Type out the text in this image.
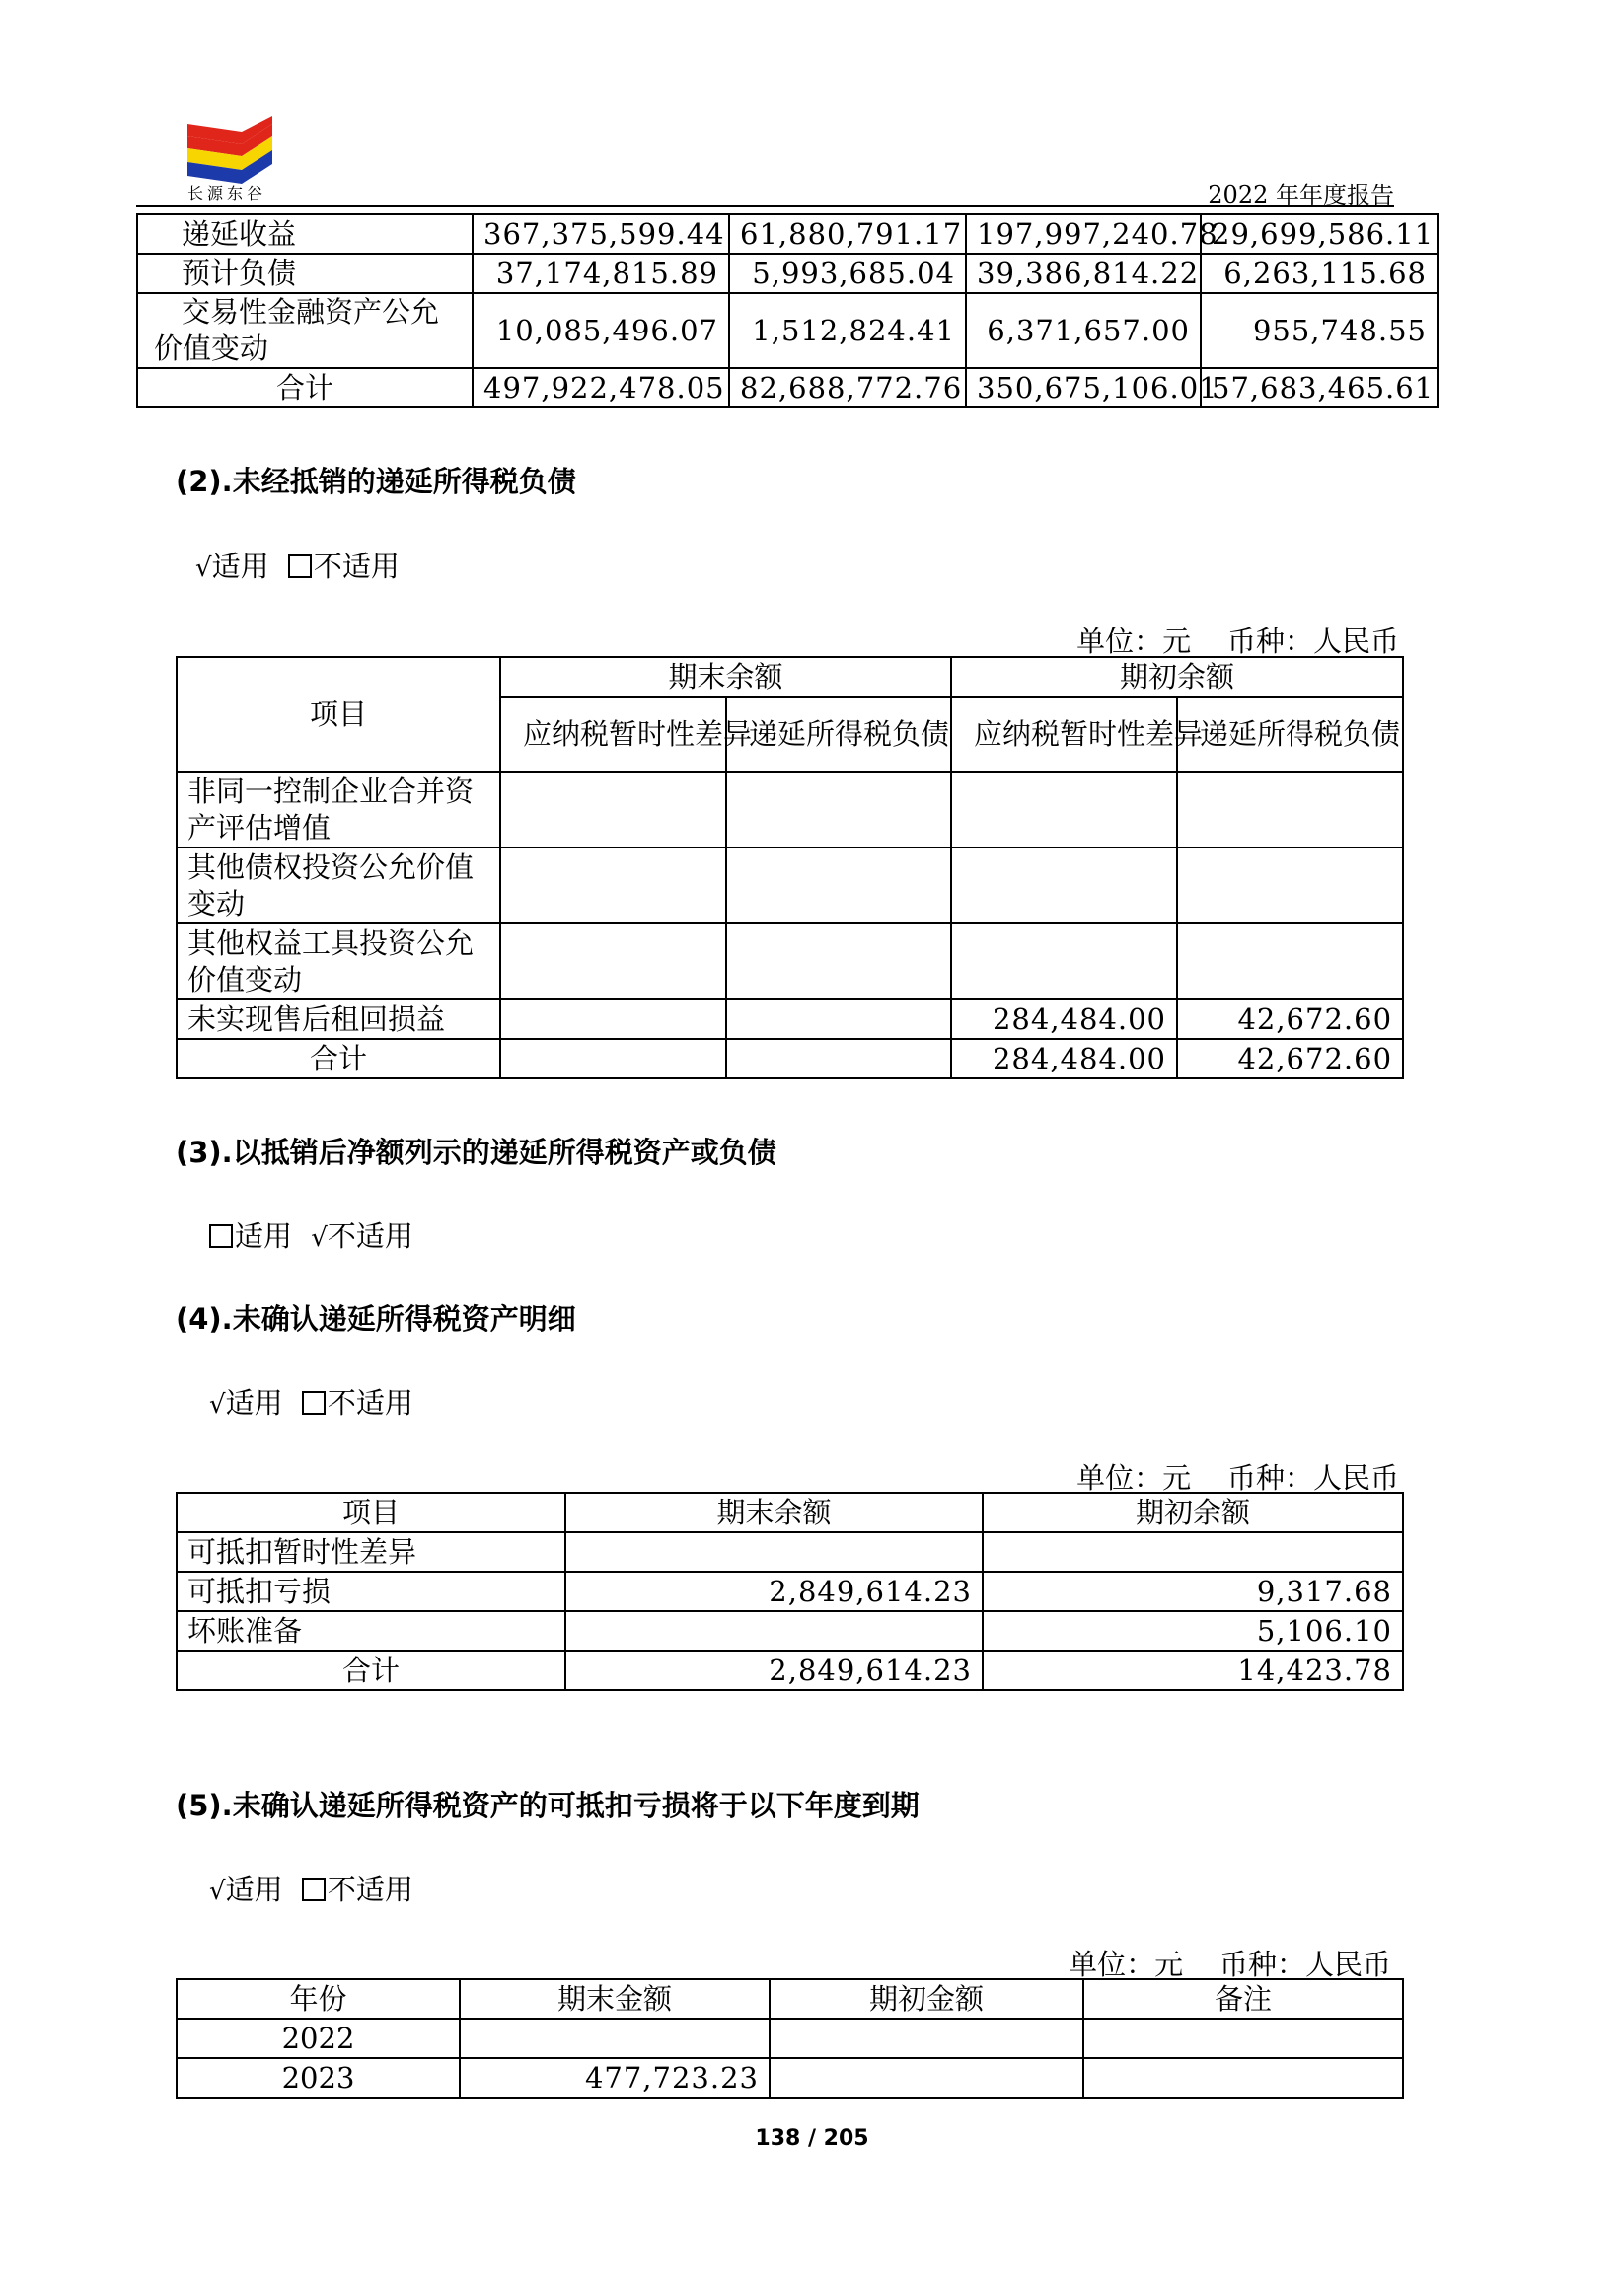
长源东谷	2022 年年度报告
递延收益	367,375,599.44	61,880,791.17	197,997,240.78	29,699,586.11
预计负债	37,174,815.89	5,993,685.04	39,386,814.22	6,263,115.68
交易性金融资产公允价值变动	10,085,496.07	1,512,824.41	6,371,657.00	955,748.55
合计	497,922,478.05	82,688,772.76	350,675,106.01	57,683,465.61
(2).未经抵销的递延所得税负债
√适用 不适用
单位：元    币种：人民币
项目	期末余额		期初余额	
	应纳税暂时性差异	递延所得税负债	应纳税暂时性差异	递延所得税负债
非同一控制企业合并资产评估增值				
其他债权投资公允价值变动				
其他权益工具投资公允价值变动				
未实现售后租回损益			284,484.00	42,672.60
合计			284,484.00	42,672.60
(3).以抵销后净额列示的递延所得税资产或负债
适用 √不适用
(4).未确认递延所得税资产明细
√适用 不适用
单位：元    币种：人民币
项目	期末余额	期初余额
可抵扣暂时性差异		
可抵扣亏损	2,849,614.23	9,317.68
坏账准备		5,106.10
合计	2,849,614.23	14,423.78
(5).未确认递延所得税资产的可抵扣亏损将于以下年度到期
√适用 不适用
单位：元    币种：人民币
年份	期末金额	期初金额	备注
2022			
2023	477,723.23		
138 / 205
